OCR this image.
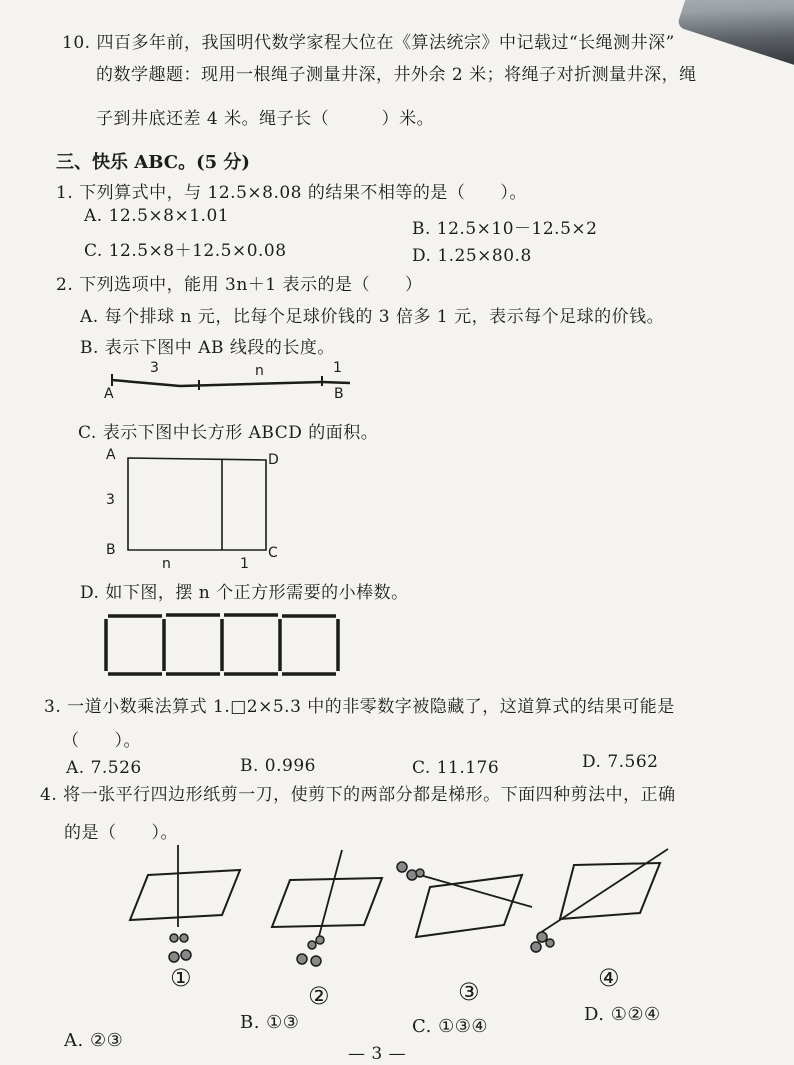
10. 四百多年前，我国明代数学家程大位在《算法统宗》中记载过“长绳测井深”
的数学趣题：现用一根绳子测量井深，井外余 2 米；将绳子对折测量井深，绳
子到井底还差 4 米。绳子长（　　　）米。
三、快乐 ABC。(5 分)
1. 下列算式中，与 12.5×8.08 的结果不相等的是（　　）。
A. 12.5×8×1.01
B. 12.5×10－12.5×2
C. 12.5×8＋12.5×0.08	D. 1.25×80.8
2. 下列选项中，能用 3n＋1 表示的是（　　）
A. 每个排球 n 元，比每个足球价钱的 3 倍多 1 元，表示每个足球的价钱。
B. 表示下图中 AB 线段的长度。
3	n	1
A	B
C. 表示下图中长方形 ABCD 的面积。
A	D
3
B	C
n	1
D. 如下图，摆 n 个正方形需要的小棒数。
3. 一道小数乘法算式 1.□2×5.3 中的非零数字被隐藏了，这道算式的结果可能是
（　　）。
A. 7.526	B. 0.996	C. 11.176	D. 7.562
4. 将一张平行四边形纸剪一刀，使剪下的两部分都是梯形。下面四种剪法中，正确
的是（　　）。
①
②	③	④
A. ②③
B. ①③	C. ①③④
D. ①②④
— 3 —
